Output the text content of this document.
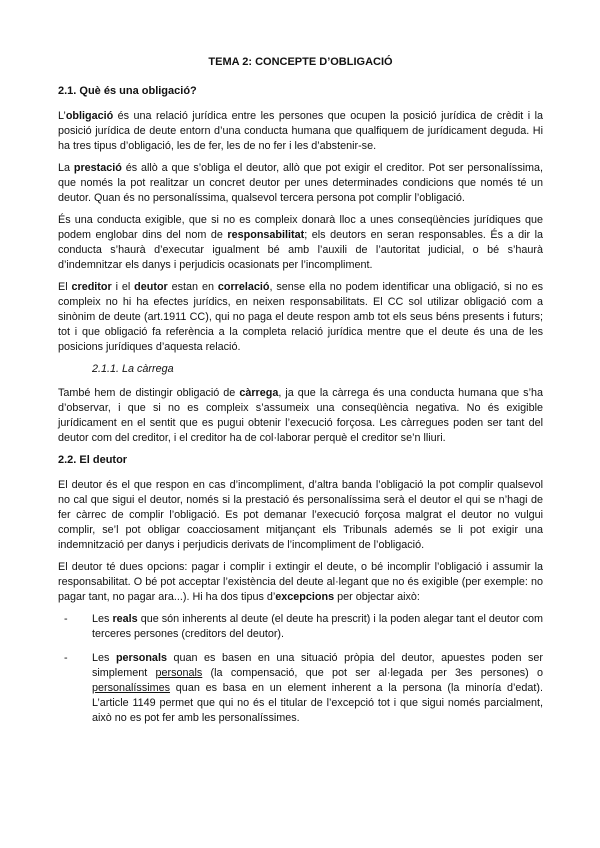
TEMA 2: CONCEPTE D’OBLIGACIÓ
2.1. Què és una obligació?
L’obligació és una relació jurídica entre les persones que ocupen la posició jurídica de crèdit i la posició jurídica de deute entorn d’una conducta humana que qualfiquem de jurídicament deguda. Hi ha tres tipus d’obligació, les de fer, les de no fer i les d’abstenir-se.
La prestació és allò a que s’obliga el deutor, allò que pot exigir el creditor. Pot ser personalíssima, que només la pot realitzar un concret deutor per unes determinades condicions que només té un deutor. Quan és no personalíssima, qualsevol tercera persona pot complir l’obligació.
És una conducta exigible, que si no es compleix donarà lloc a unes conseqüències jurídiques que podem englobar dins del nom de responsabilitat; els deutors en seran responsables. És a dir la conducta s’haurà d’executar igualment bé amb l’auxili de l’autoritat judicial, o bé s’haurà d’indemnitzar els danys i perjudicis ocasionats per l’incompliment.
El creditor i el deutor estan en correlació, sense ella no podem identificar una obligació, si no es compleix no hi ha efectes jurídics, en neixen responsabilitats. El CC sol utilizar obligació com a sinònim de deute (art.1911 CC), qui no paga el deute respon amb tot els seus béns presents i futurs; tot i que obligació fa referència a la completa relació jurídica mentre que el deute és una de les posicions jurídiques d’aquesta relació.
2.1.1. La càrrega
També hem de distingir obligació de càrrega, ja que la càrrega és una conducta humana que s’ha d’observar, i que si no es compleix s’assumeix una conseqüència negativa. No és exigible jurídicament en el sentit que es pugui obtenir l’execució forçosa. Les càrregues poden ser tant del deutor com del creditor, i el creditor ha de col·laborar perquè el creditor se’n lliuri.
2.2. El deutor
El deutor és el que respon en cas d’incompliment, d’altra banda l’obligació la pot complir qualsevol no cal que sigui el deutor, només si la prestació és personalíssima serà el deutor el qui se n’hagi de fer càrrec de complir l’obligació. Es pot demanar l’execució forçosa malgrat el deutor no vulgui complir, se’l pot obligar coacciosament mitjançant els Tribunals ademés se li pot exigir una indemnització per danys i perjudicis derivats de l’incompliment de l’obligació.
El deutor té dues opcions: pagar i complir i extingir el deute, o bé incomplir l’obligació i assumir la responsabilitat. O bé pot acceptar l’existència del deute al·legant que no és exigible (per exemple: no pagar tant, no pagar ara...). Hi ha dos tipus d’excepcions per objectar això:
- Les reals que són inherents al deute (el deute ha prescrit) i la poden alegar tant el deutor com terceres persones (creditors del deutor).
- Les personals quan es basen en una situació pròpia del deutor, apuestes poden ser simplement personals (la compensació, que pot ser al·legada per 3es persones) o personalíssimes quan es basa en un element inherent a la persona (la minoría d’edat). L’article 1149 permet que qui no és el titular de l’excepció tot i que sigui només parcialment, això no es pot fer amb les personalíssimes.
